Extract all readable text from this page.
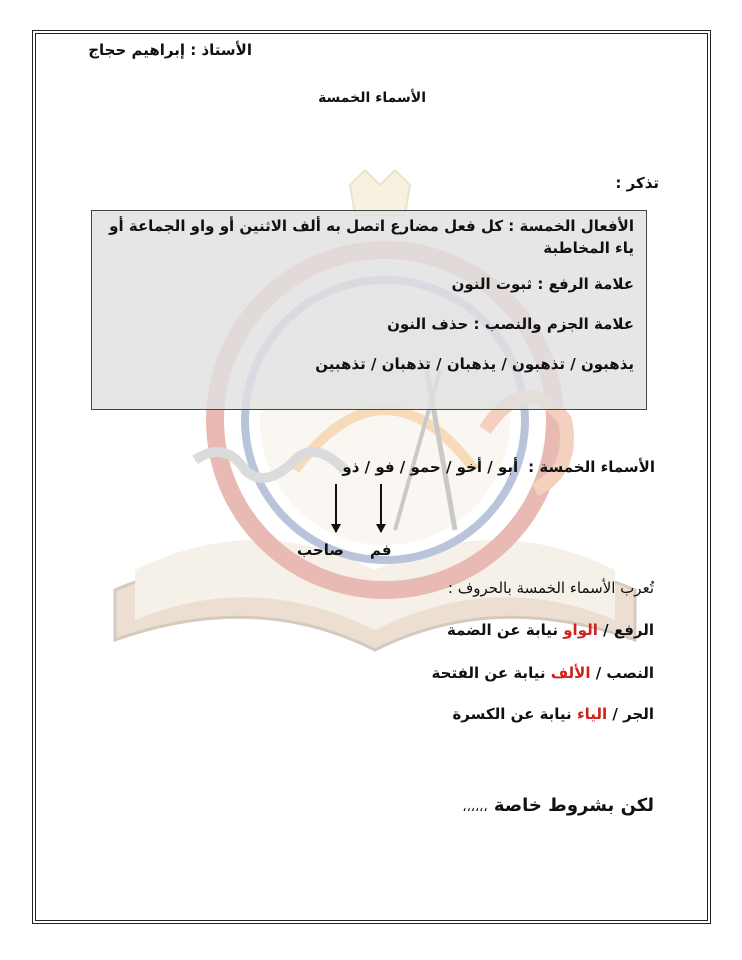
الأستاذ : إبراهيم حجاج
الأسماء الخمسة
تذكر :
الأفعال الخمسة : كل فعل مضارع اتصل به ألف الاثنين أو واو الجماعة أو ياء المخاطبة
علامة الرفع : ثبوت النون
علامة الجزم والنصب : حذف النون
يذهبون / تذهبون / يذهبان / تذهبان / تذهبين
الأسماء الخمسة :أبو / أخو / حمو / فو / ذو
صاحب فم
تُعرب الأسماء الخمسة بالحروف :
الرفع / الواو نيابة عن الضمة
النصب / الألف نيابة عن الفتحة
الجر / الياء نيابة عن الكسرة
لكن بشروط خاصة ،،،،،،
